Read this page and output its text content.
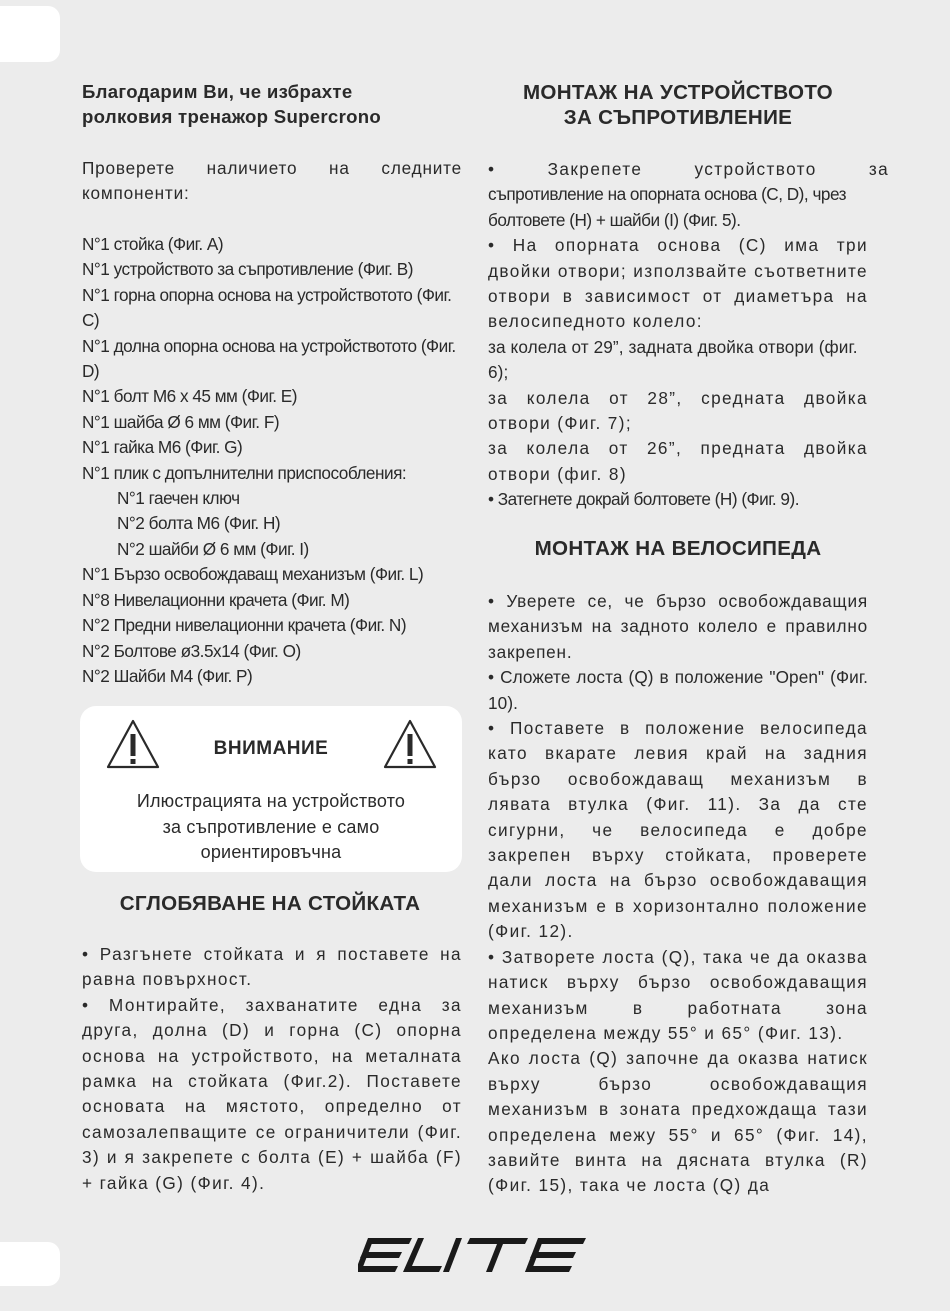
Благодарим Ви, че избрахте
ролковия тренажор Supercrono

Проверете наличието на следните компоненти:

N°1 стойка (Фиг. A)

N°1 устройството за съпротивление (Фиг. B)

N°1 горна опорна основа на устройствотото (Фиг. C)

N°1 долна опорна основа на устройствотото (Фиг. D)

N°1 болт M6 x 45 мм (Фиг. E)

N°1 шайба Ø 6 мм (Фиг. F)

N°1 гайка M6 (Фиг. G)

N°1 плик с допълнителни приспособления:

N°1 гаечен ключ

N°2 болта M6 (Фиг. H)

N°2 шайби Ø 6 мм (Фиг. I)

N°1 Бързо освобождаващ механизъм (Фиг. L)

N°8 Нивелационни крачета (Фиг. M)

N°2 Предни нивелационни крачета (Фиг. N)

N°2 Болтове ø3.5x14 (Фиг. O)

N°2 Шайби M4 (Фиг. P)

СГЛОБЯВАНЕ НА СТОЙКАТА

• Разгънете стойката и я поставете на равна повърхност.

• Монтирайте, захванатите една за друга, долна (D) и горна (C) опорна основа на устройството, на металната рамка на стойката (Фиг.2). Поставете основата на мястото, определно от самозалепващите се ограничители (Фиг. 3) и я закрепете с болта (E) + шайба (F) + гайка (G) (Фиг. 4).

ВНИМАНИЕ
Илюстрацията на устройството
за съпротивление е само
ориентировъчна
МОНТАЖ НА УСТРОЙСТВОТО
ЗА СЪПРОТИВЛЕНИЕ

• Закрепете устройството за

съпротивление на опорната основа (C, D), чрез болтовете (H) + шайби (I) (Фиг. 5).

• На опорната основа (C) има три двойки отвори; използвайте съответните отвори в зависимост от диаметъра на велосипедното колело:

за колела от 29”, задната двойка отвори (фиг. 6);

за колела от 28”, средната двойка отвори (Фиг. 7);

за колела от 26”, предната двойка отвори (фиг. 8)

• Затегнете докрай болтовете (H) (Фиг. 9).

МОНТАЖ НА ВЕЛОСИПЕДА

• Уверете се, че бързо освобождаващия механизъм на задното колело е правилно закрепен.

• Сложете лоста (Q) в положение "Open" (Фиг. 10).

• Поставете в положение велосипеда като вкарате левия край на задния бързо освобождаващ механизъм в лявата втулка (Фиг. 11). За да сте сигурни, че велосипеда е добре закрепен върху стойката, проверете дали лоста на бързо освобождаващия механизъм е в хоризонтално положение (Фиг. 12).

• Затворете лоста (Q), така че да оказва натиск върху бързо освобождаващия механизъм в работната зона определена между 55° и 65° (Фиг. 13).

Ако лоста (Q) започне да оказва натиск върху бързо освобождаващия механизъм в зоната предхождаща тази определена межу 55° и 65° (Фиг. 14), завийте винта на дясната втулка (R) (Фиг. 15), така че лоста (Q) да
